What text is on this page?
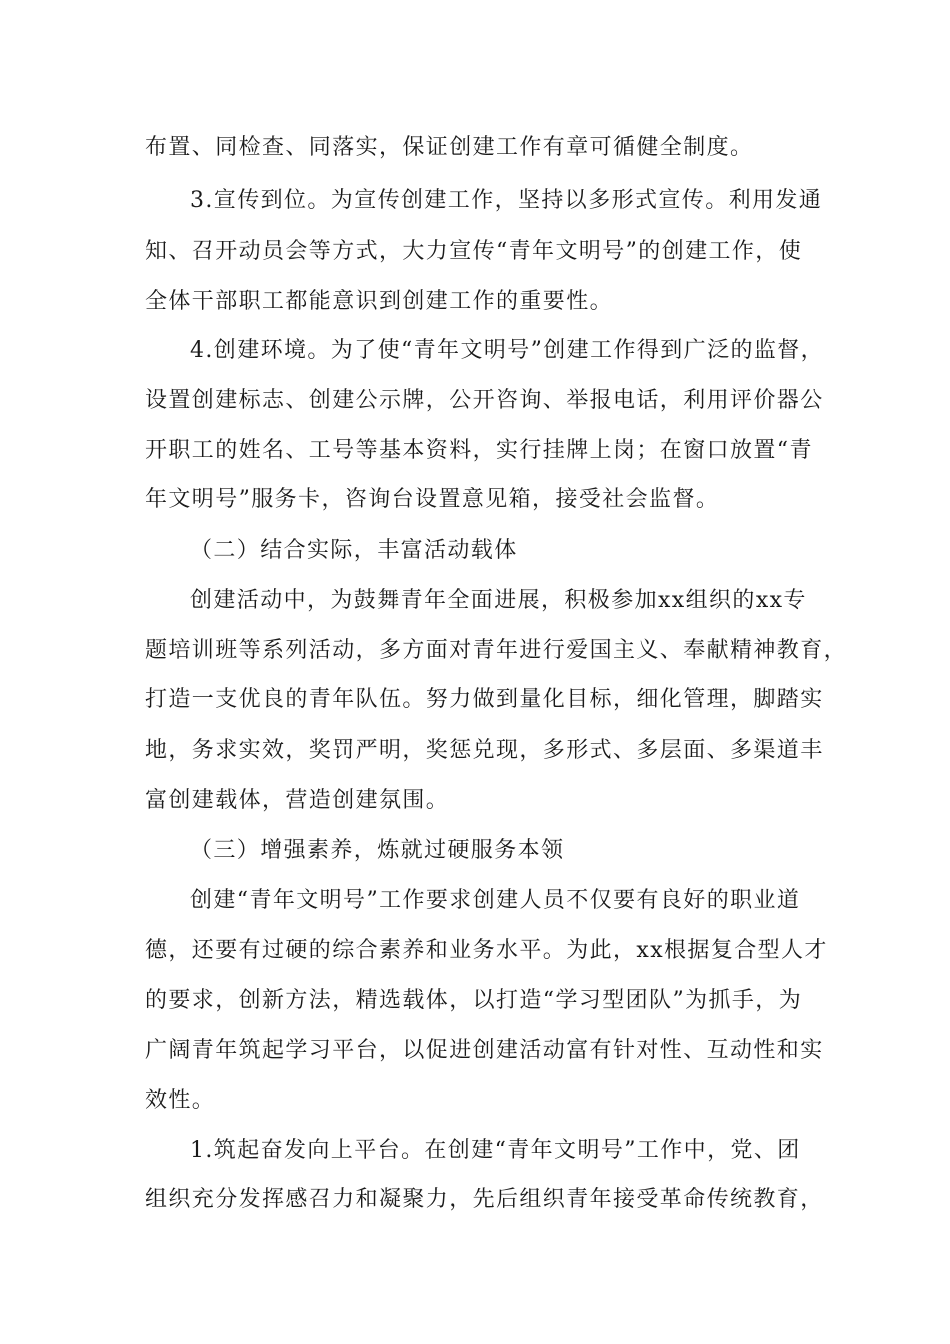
布置、同检查、同落实，保证创建工作有章可循健全制度。
3.宣传到位。为宣传创建工作，坚持以多形式宣传。利用发通
知、召开动员会等方式，大力宣传“青年文明号”的创建工作，使
全体干部职工都能意识到创建工作的重要性。
4.创建环境。为了使“青年文明号”创建工作得到广泛的监督，
设置创建标志、创建公示牌，公开咨询、举报电话，利用评价器公
开职工的姓名、工号等基本资料，实行挂牌上岗；在窗口放置“青
年文明号”服务卡，咨询台设置意见箱，接受社会监督。
（二）结合实际，丰富活动载体
创建活动中，为鼓舞青年全面进展，积极参加xx组织的xx专
题培训班等系列活动，多方面对青年进行爱国主义、奉献精神教育，
打造一支优良的青年队伍。努力做到量化目标，细化管理，脚踏实
地，务求实效，奖罚严明，奖惩兑现，多形式、多层面、多渠道丰
富创建载体，营造创建氛围。
（三）增强素养，炼就过硬服务本领
创建“青年文明号”工作要求创建人员不仅要有良好的职业道
德，还要有过硬的综合素养和业务水平。为此，xx根据复合型人才
的要求，创新方法，精选载体，以打造“学习型团队”为抓手，为
广阔青年筑起学习平台，以促进创建活动富有针对性、互动性和实
效性。
1.筑起奋发向上平台。在创建“青年文明号”工作中，党、团
组织充分发挥感召力和凝聚力，先后组织青年接受革命传统教育，
